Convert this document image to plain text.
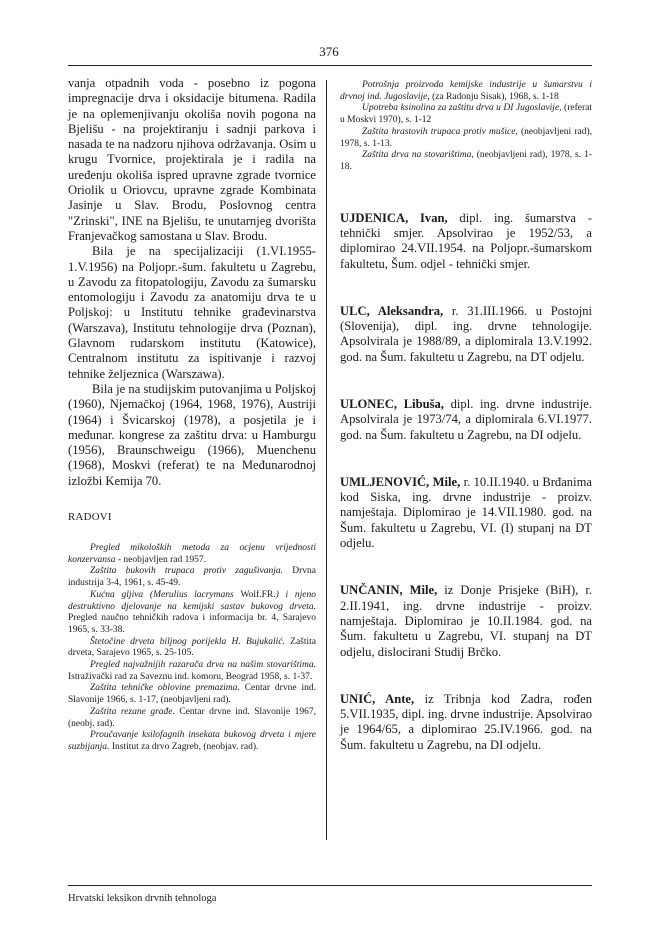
376

vanja otpadnih voda - posebno iz pogona impregnacije drva i oksidacije bitumena. Radila je na oplemenjivanju okoliša novih pogona na Bjelišu - na projektiranju i sadnji parkova i nasada te na nadzoru njihova održavanja. Osim u krugu Tvornice, projektirala je i radila na uređenju okoliša ispred upravne zgrade tvornice Oriolik u Oriovcu, upravne zgrade Kombinata Jasinje u Slav. Brodu, Poslovnog centra "Zrinski", INE na Bjelišu, te unutarnjeg dvorišta Franjevačkog samostana u Slav. Brodu.

Bila je na specijalizaciji (1.VI.1955-1.V.1956) na Poljopr.-šum. fakultetu u Zagrebu, u Zavodu za fitopatologiju, Zavodu za šumarsku entomologiju i Zavodu za anatomiju drva te u Poljskoj: u Institutu tehnike građevinarstva (Warszava), Institutu tehnologije drva (Poznan), Glavnom rudarskom institutu (Katowice), Centralnom institutu za ispitivanje i razvoj tehnike željeznica (Warszawa).

Bila je na studijskim putovanjima u Poljskoj (1960), Njemačkoj (1964, 1968, 1976), Austriji (1964) i Švicarskoj (1978), a posjetila je i međunar. kongrese za zaštitu drva: u Hamburgu (1956), Braunschweigu (1966), Muenchenu (1968), Moskvi (referat) te na Međunarodnoj izložbi Kemija 70.

RADOVI

Pregled mikoloških metoda za ocjenu vrijednosti konzervansa - neobjavljen rad 1957.

Zaštita bukovih trupaca protiv zagušivanja. Drvna industrija 3-4, 1961, s. 45-49.

Kućna gljiva (Merulius lacrymans Wolf.FR.) i njeno destruktivno djelovanje na kemijski sastav bukovog drveta. Pregled naučno tehničkih radova i informacija br. 4, Sarajevo 1965, s. 33-38.

Štetočine drveta biljnog porijekla H. Bujukalić. Zaštita drveta, Sarajevo 1965, s. 25-105.

Pregled najvažnijih razarača drva na našim stovarištima. Istraživački rad za Saveznu ind. komoru, Beograd 1958, s. 1-37.

Zaštita tehničke oblovine premazima. Centar drvne ind. Slavonije 1966, s. 1-17, (neobjavljeni rad).

Zaštita rezane građe. Centar drvne ind. Slavonije 1967, (neobj. rad).

Proučavanje ksilofagnih insekata bukovog drveta i mjere suzbijanja. Institut za drvo Zagreb, (neobjav. rad).

Potrošnja proizvoda kemijske industrije u šumarstvu i drvnoj ind. Jugoslavije, (za Radonju Sisak), 1968, s. 1-18

Upotreba ksinolina za zaštitu drva u DI Jugoslavije, (referat u Moskvi 1970), s. 1-12

Zaštita hrastovih trupaca protiv mušice, (neobjavljeni rad), 1978, s. 1-13.

Zaštita drva na stovarištima, (neobjavljeni rad), 1978, s. 1-18.

UJDENICA, Ivan, dipl. ing. šumarstva - tehnički smjer. Apsolvirao je 1952/53, a diplomirao 24.VII.1954. na Poljopr.-šumarskom fakultetu, Šum. odjel - tehnički smjer.

ULC, Aleksandra, r. 31.III.1966. u Postojni (Slovenija), dipl. ing. drvne tehnologije. Apsolvirala je 1988/89, a diplomirala 13.V.1992. god. na Šum. fakultetu u Zagrebu, na DT odjelu.

ULONEC, Libuša, dipl. ing. drvne industrije. Apsolvirala je 1973/74, a diplomirala 6.VI.1977. god. na Šum. fakultetu u Zagrebu, na DI odjelu.

UMLJENOVIĆ, Mile, r. 10.II.1940. u Brđanima kod Siska, ing. drvne industrije - proizv. namještaja. Diplomirao je 14.VII.1980. god. na Šum. fakultetu u Zagrebu, VI. (I) stupanj na DT odjelu.

UNČANIN, Mile, iz Donje Prisjeke (BiH), r. 2.II.1941, ing. drvne industrije - proizv. namještaja. Diplomirao je 10.II.1984. god. na Šum. fakultetu u Zagrebu, VI. stupanj na DT odjelu, dislocirani Studij Brčko.

UNIĆ, Ante, iz Tribnja kod Zadra, rođen 5.VII.1935, dipl. ing. drvne industrije. Apsolvirao je 1964/65, a diplomirao 25.IV.1966. god. na Šum. fakultetu u Zagrebu, na DI odjelu.

Hrvatski leksikon drvnih tehnologa
